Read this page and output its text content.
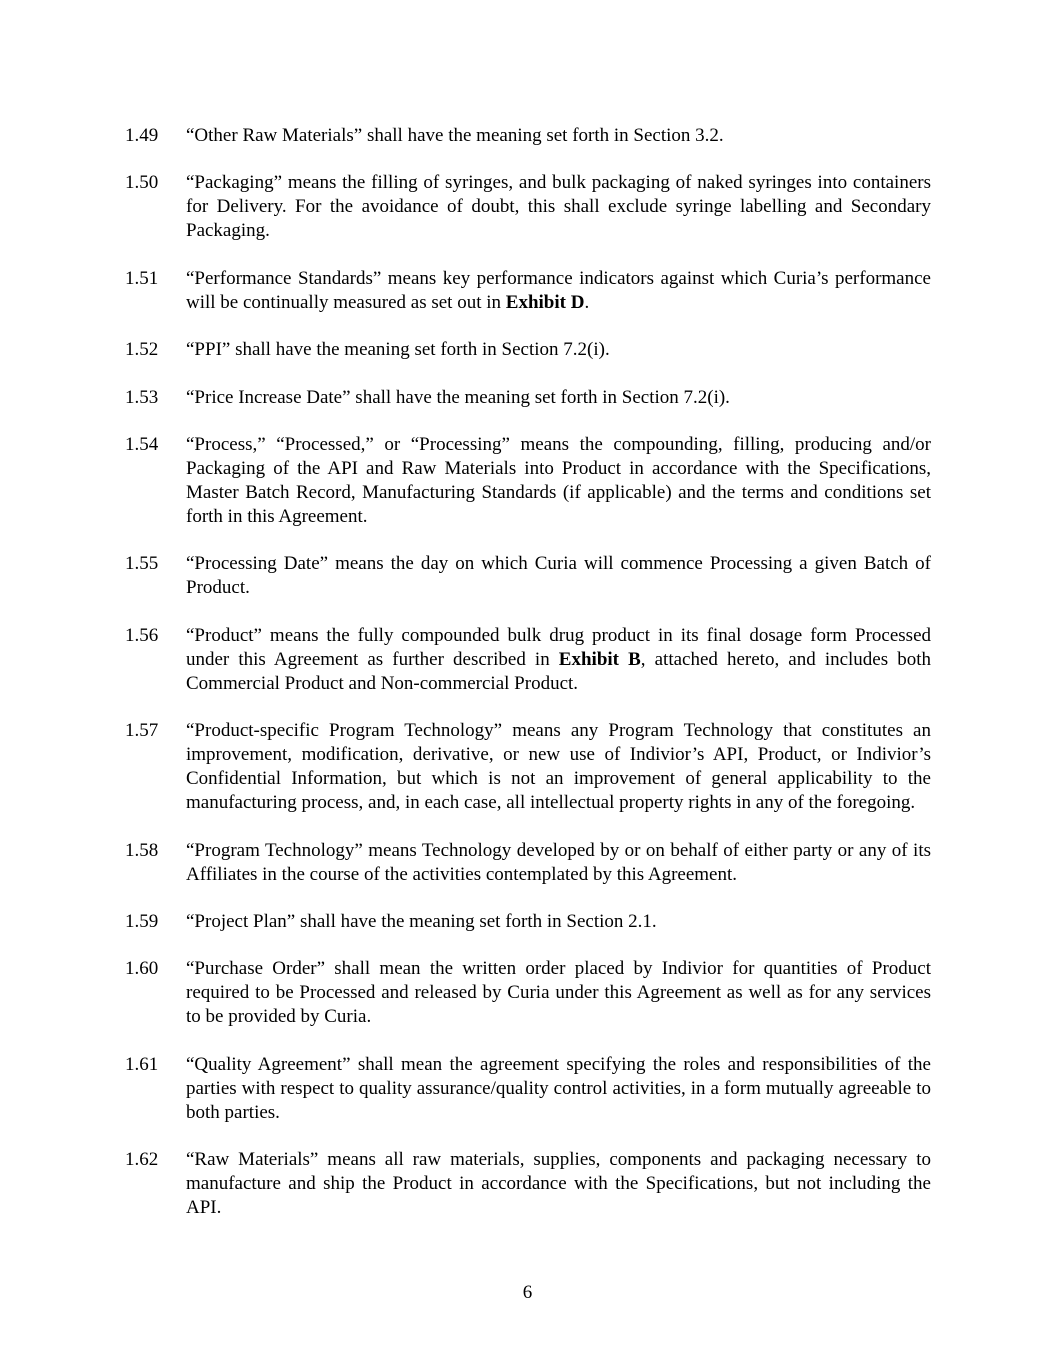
1.49	“Other Raw Materials” shall have the meaning set forth in Section 3.2.
1.50	“Packaging” means the filling of syringes, and bulk packaging of naked syringes into containers for Delivery. For the avoidance of doubt, this shall exclude syringe labelling and Secondary Packaging.
1.51	“Performance Standards” means key performance indicators against which Curia’s performance will be continually measured as set out in Exhibit D.
1.52	“PPI” shall have the meaning set forth in Section 7.2(i).
1.53	“Price Increase Date” shall have the meaning set forth in Section 7.2(i).
1.54	“Process,” “Processed,” or “Processing” means the compounding, filling, producing and/or Packaging of the API and Raw Materials into Product in accordance with the Specifications, Master Batch Record, Manufacturing Standards (if applicable) and the terms and conditions set forth in this Agreement.
1.55	“Processing Date” means the day on which Curia will commence Processing a given Batch of Product.
1.56	“Product” means the fully compounded bulk drug product in its final dosage form Processed under this Agreement as further described in Exhibit B, attached hereto, and includes both Commercial Product and Non-commercial Product.
1.57	“Product-specific Program Technology” means any Program Technology that constitutes an improvement, modification, derivative, or new use of Indivior’s API, Product, or Indivior’s Confidential Information, but which is not an improvement of general applicability to the manufacturing process, and, in each case, all intellectual property rights in any of the foregoing.
1.58	“Program Technology” means Technology developed by or on behalf of either party or any of its Affiliates in the course of the activities contemplated by this Agreement.
1.59	“Project Plan” shall have the meaning set forth in Section 2.1.
1.60	“Purchase Order” shall mean the written order placed by Indivior for quantities of Product required to be Processed and released by Curia under this Agreement as well as for any services to be provided by Curia.
1.61	“Quality Agreement” shall mean the agreement specifying the roles and responsibilities of the parties with respect to quality assurance/quality control activities, in a form mutually agreeable to both parties.
1.62	“Raw Materials” means all raw materials, supplies, components and packaging necessary to manufacture and ship the Product in accordance with the Specifications, but not including the API.
6
